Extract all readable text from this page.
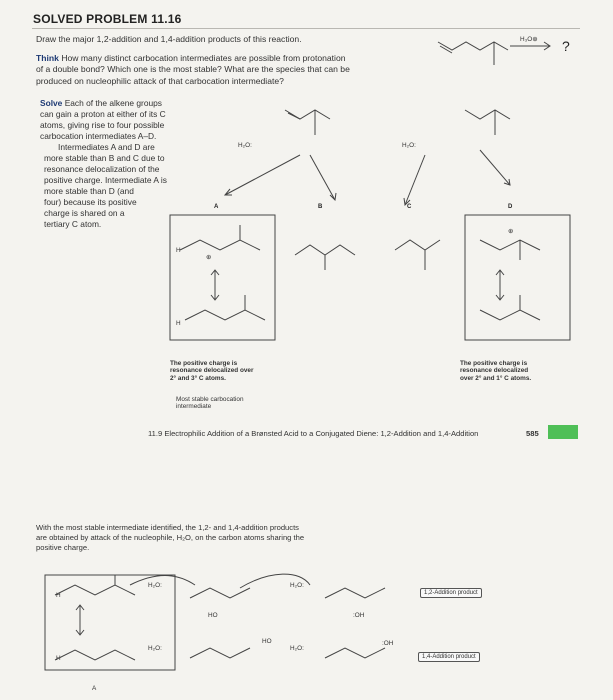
SOLVED PROBLEM 11.16
Draw the major 1,2-addition and 1,4-addition products of this reaction.
Think How many distinct carbocation intermediates are possible from protonation
of a double bond? Which one is the most stable? What are the species that can be
produced on nucleophilic attack of that carbocation intermediate?
Solve Each of the alkene groups
can gain a proton at either of its C
atoms, giving rise to four possible
carbocation intermediates A–D.
Intermediates A and D are
more stable than B and C due to
resonance delocalization of the
positive charge. Intermediate A is
more stable than D (and
four) because its positive
charge is shared on a
tertiary C atom.
H₃O⊕ ?
A	B	C	D
H₂O:	H₂O:
H
H
⊕
⊕
The positive charge is
resonance delocalized over
2° and 3° C atoms.
The positive charge is
resonance delocalized
over 2° and 1° C atoms.
Most stable carbocation
intermediate
11.9 Electrophilic Addition of a Brønsted Acid to a Conjugated Diene: 1,2-Addition and 1,4-Addition	585
With the most stable intermediate identified, the 1,2- and 1,4-addition products
are obtained by attack of the nucleophile, H₂O, on the carbon atoms sharing the
positive charge.
H
H
H₂O:
H₂O:
HO
HO
H₂O:
H₂O:
:OH
:OH
A
1,2-Addition product
1,4-Addition product
